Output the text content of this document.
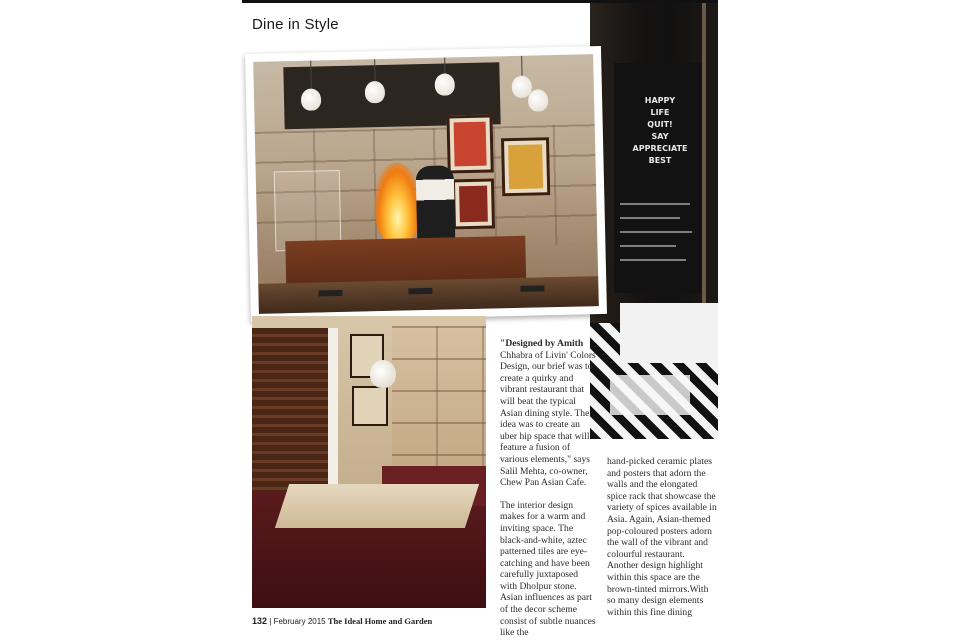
Dine in Style
HAPPY
LIFE
QUIT!
SAY
APPRECIATE
BEST

"Designed by Amith Chhabra of Livin' Colors Design, our brief was to create a quirky and vibrant restaurant that will beat the typical Asian dining style. The idea was to create an uber hip space that will feature a fusion of various elements," says Salil Mehta, co-owner, Chew Pan Asian Cafe.

The interior design makes for a warm and inviting space. The black-and-white, aztec patterned tiles are eye-catching and have been carefully juxtaposed with Dholpur stone. Asian influences as part of the decor scheme consist of subtle nuances like the

hand-picked ceramic plates and posters that adorn the walls and the elongated spice rack that showcase the variety of spices available in Asia. Again, Asian-themed pop-coloured posters adorn the wall of the vibrant and colourful restaurant. Another design highlight within this space are the brown-tinted mirrors.With so many design elements within this fine dining

132 | February 2015 The Ideal Home and Garden
